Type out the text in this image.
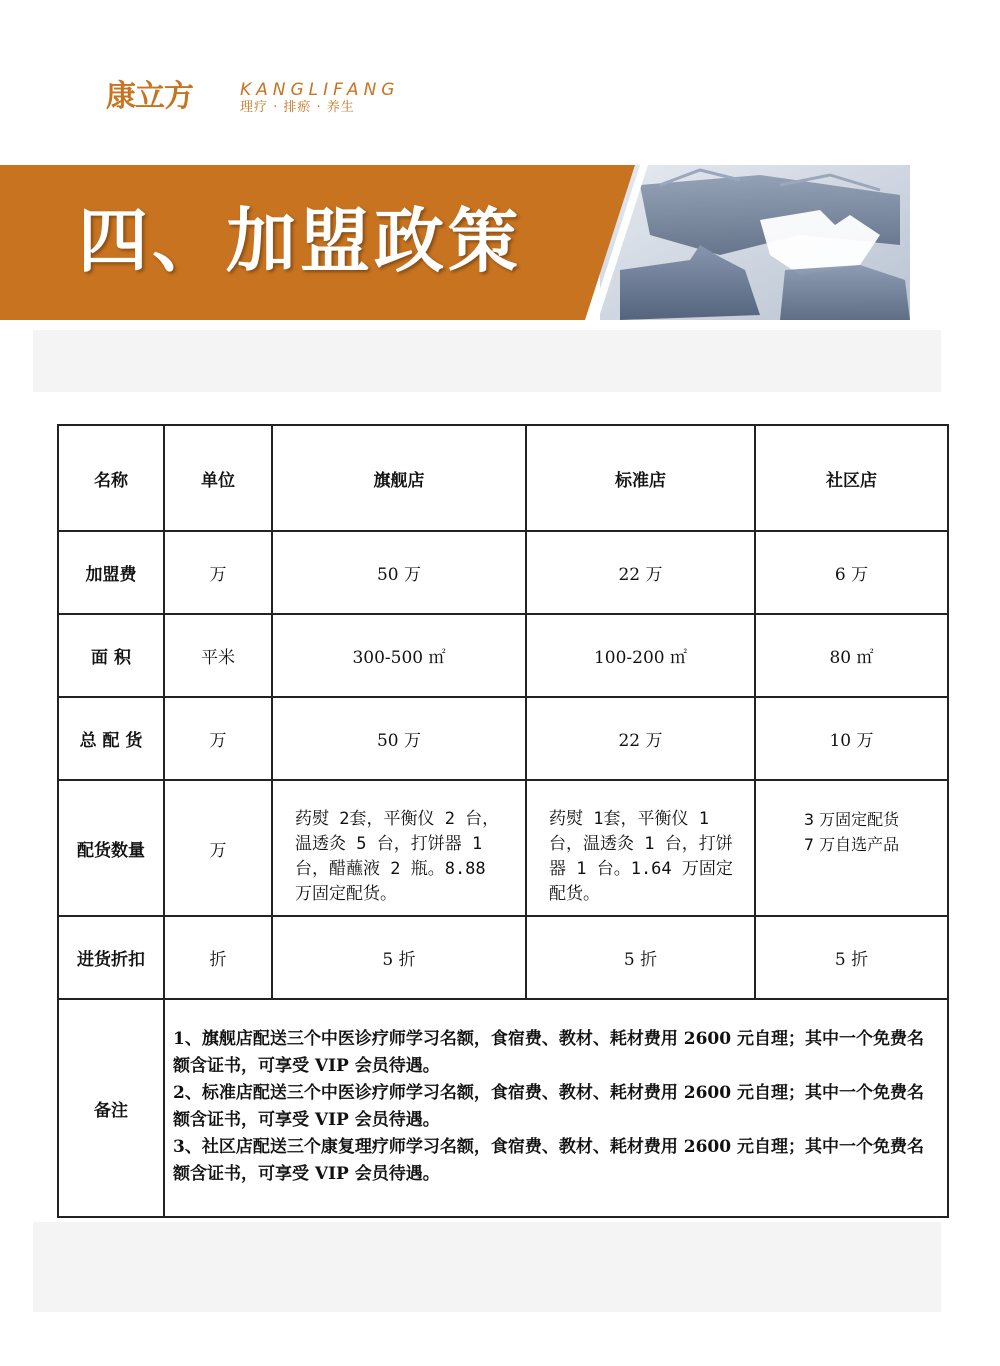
康立方	KANGLIFANG
理疗 · 排瘀 · 养生
四、加盟政策
名称	单位	旗舰店	标准店	社区店
加盟费	万	50 万	22 万	6 万
面 积	平米	300-500 ㎡	100-200 ㎡	80 ㎡
总 配 货	万	50 万	22 万	10 万
配货数量	万	药熨 2套，平衡仪 2 台，温透灸 5 台，打饼器 1 台，醋蘸液 2 瓶。8.88 万固定配货。	药熨 1套，平衡仪 1 台，温透灸 1 台，打饼器 1 台。1.64 万固定配货。	3 万固定配货
7 万自选产品
进货折扣	折	5 折	5 折	5 折
备注	1、旗舰店配送三个中医诊疗师学习名额，食宿费、教材、耗材费用 2600 元自理；其中一个免费名额含证书，可享受 VIP 会员待遇。

2、标准店配送三个中医诊疗师学习名额，食宿费、教材、耗材费用 2600 元自理；其中一个免费名额含证书，可享受 VIP 会员待遇。

3、社区店配送三个康复理疗师学习名额，食宿费、教材、耗材费用 2600 元自理；其中一个免费名额含证书，可享受 VIP 会员待遇。			
